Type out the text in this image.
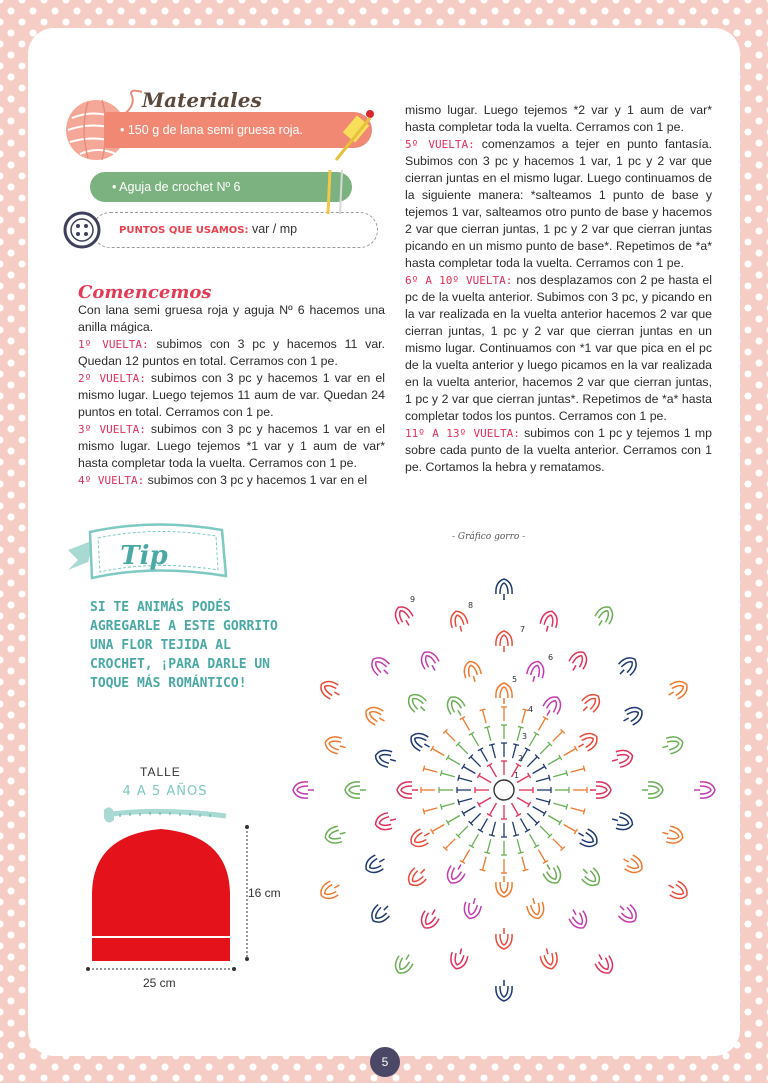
Materiales
• 150 g de lana semi gruesa roja.
• Aguja de crochet Nº 6
PUNTOS QUE USAMOS: var / mp
Comencemos

Con lana semi gruesa roja y aguja Nº 6 hacemos una anilla mágica.

1º VUELTA: subimos con 3 pc y hacemos 11 var. Quedan 12 puntos en total. Cerramos con 1 pe.

2º VUELTA: subimos con 3 pc y hacemos 1 var en el mismo lugar. Luego tejemos 11 aum de var. Quedan 24 puntos en total. Cerramos con 1 pe.

3º VUELTA: subimos con 3 pc y hacemos 1 var en el mismo lugar. Luego tejemos *1 var y 1 aum de var* hasta completar toda la vuelta. Cerramos con 1 pe.

4º VUELTA: subimos con 3 pc y hacemos 1 var en el

mismo lugar. Luego tejemos *2 var y 1 aum de var* hasta completar toda la vuelta. Cerramos con 1 pe.

5º VUELTA: comenzamos a tejer en punto fantasía. Subimos con 3 pc y hacemos 1 var, 1 pc y 2 var que cierran juntas en el mismo lugar. Luego continuamos de la siguiente manera: *salteamos 1 punto de base y tejemos 1 var, salteamos otro punto de base y hacemos 2 var que cierran juntas, 1 pc y 2 var que cierran juntas picando en un mismo punto de base*. Repetimos de *a* hasta completar toda la vuelta. Cerramos con 1 pe.

6º A 10º VUELTA: nos desplazamos con 2 pe hasta el pc de la vuelta anterior. Subimos con 3 pc, y picando en la var realizada en la vuelta anterior hacemos 2 var que cierran juntas, 1 pc y 2 var que cierran juntas en un mismo lugar. Continuamos con *1 var que pica en el pc de la vuelta anterior y luego picamos en la var realizada en la vuelta anterior, hacemos 2 var que cierran juntas, 1 pc y 2 var que cierran juntas*. Repetimos de *a* hasta completar todos los puntos. Cerramos con 1 pe.

11º A 13º VUELTA: subimos con 1 pc y tejemos 1 mp sobre cada punto de la vuelta anterior. Cerramos con 1 pe. Cortamos la hebra y rematamos.

Tip

SI TE ANIMÁS PODÉS AGREGARLE A ESTE GORRITO UNA FLOR TEJIDA AL CROCHET, ¡PARA DARLE UN TOQUE MÁS ROMÁNTICO!

TALLE
4 A 5 AÑOS
16 cm
25 cm
- Gráfico gorro -
1
2
3
4
5
6
7
8
9
5
